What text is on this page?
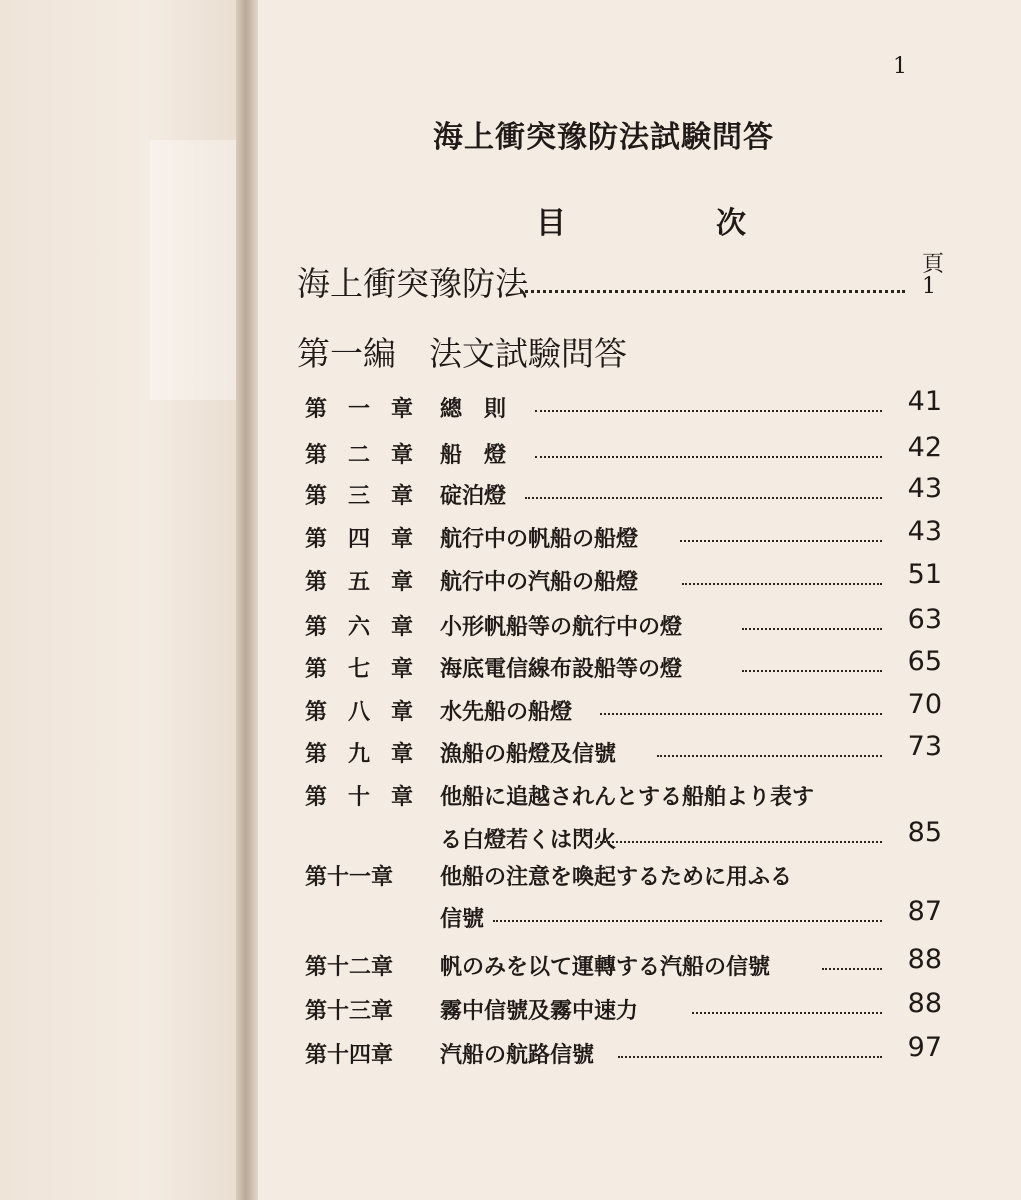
1
海上衝突豫防法試験問答
目	次
海上衝突豫防法	頁
1
第一編　法文試驗問答
第 一 章 總　則	41
第 二 章 船　燈	42
第 三 章 碇泊燈	43
第 四 章 航行中の帆船の船燈	43
第 五 章 航行中の汽船の船燈	51
第 六 章 小形帆船等の航行中の燈	63
第 七 章 海底電信線布設船等の燈	65
第 八 章 水先船の船燈	70
第 九 章 漁船の船燈及信號	73
第 十 章 他船に追越されんとする船舶より表す
る白燈若くは閃火	85
第十一章 他船の注意を喚起するために用ふる
信號	87
第十二章 帆のみを以て運轉する汽船の信號	88
第十三章 霧中信號及霧中速力	88
第十四章 汽船の航路信號	97
